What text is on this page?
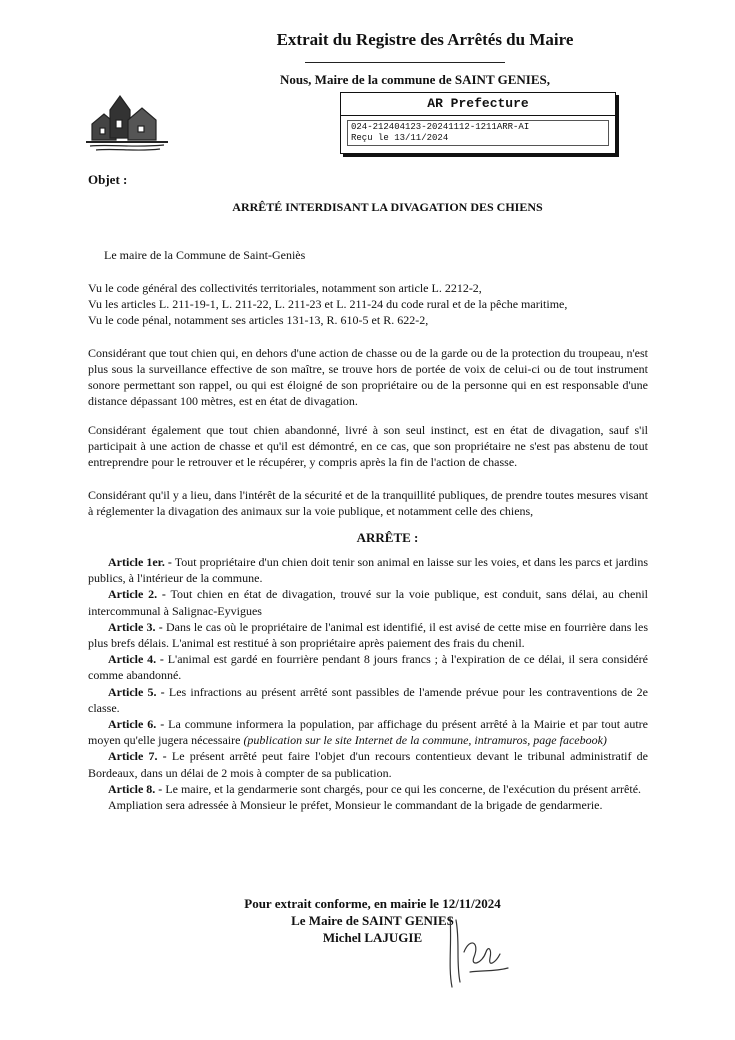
Extrait du Registre des Arrêtés du Maire
Nous, Maire de la commune de SAINT GENIES,
AR Prefecture
024-212404123-20241112-1211ARR-AI
Reçu le 13/11/2024
Objet :
ARRÊTÉ INTERDISANT LA DIVAGATION DES CHIENS
Le maire de la Commune de Saint-Geniès
Vu le code général des collectivités territoriales, notamment son article L. 2212-2,
Vu les articles L. 211-19-1, L. 211-22, L. 211-23 et L. 211-24 du code rural et de la pêche maritime,
Vu le code pénal, notamment ses articles 131-13, R. 610-5 et R. 622-2,
Considérant que tout chien qui, en dehors d'une action de chasse ou de la garde ou de la protection du troupeau, n'est plus sous la surveillance effective de son maître, se trouve hors de portée de voix de celui-ci ou de tout instrument sonore permettant son rappel, ou qui est éloigné de son propriétaire ou de la personne qui en est responsable d'une distance dépassant 100 mètres, est en état de divagation.
Considérant également que tout chien abandonné, livré à son seul instinct, est en état de divagation, sauf s'il participait à une action de chasse et qu'il est démontré, en ce cas, que son propriétaire ne s'est pas abstenu de tout entreprendre pour le retrouver et le récupérer, y compris après la fin de l'action de chasse.
Considérant qu'il y a lieu, dans l'intérêt de la sécurité et de la tranquillité publiques, de prendre toutes mesures visant à réglementer la divagation des animaux sur la voie publique, et notamment celle des chiens,
ARRÊTE :
Article 1er. - Tout propriétaire d'un chien doit tenir son animal en laisse sur les voies, et dans les parcs et jardins publics, à l'intérieur de la commune.
Article 2. - Tout chien en état de divagation, trouvé sur la voie publique, est conduit, sans délai, au chenil intercommunal à Salignac-Eyvigues
Article 3. - Dans le cas où le propriétaire de l'animal est identifié, il est avisé de cette mise en fourrière dans les plus brefs délais. L'animal est restitué à son propriétaire après paiement des frais du chenil.
Article 4. - L'animal est gardé en fourrière pendant 8 jours francs ; à l'expiration de ce délai, il sera considéré comme abandonné.
Article 5. - Les infractions au présent arrêté sont passibles de l'amende prévue pour les contraventions de 2e classe.
Article 6. - La commune informera la population, par affichage du présent arrêté à la Mairie et par tout autre moyen qu'elle jugera nécessaire (publication sur le site Internet de la commune, intramuros, page facebook)
Article 7. - Le présent arrêté peut faire l'objet d'un recours contentieux devant le tribunal administratif de Bordeaux, dans un délai de 2 mois à compter de sa publication.
Article 8. - Le maire, et la gendarmerie sont chargés, pour ce qui les concerne, de l'exécution du présent arrêté.
Ampliation sera adressée à Monsieur le préfet, Monsieur le commandant de la brigade de gendarmerie.
Pour extrait conforme, en mairie le 12/11/2024
Le Maire de SAINT GENIES
Michel LAJUGIE
